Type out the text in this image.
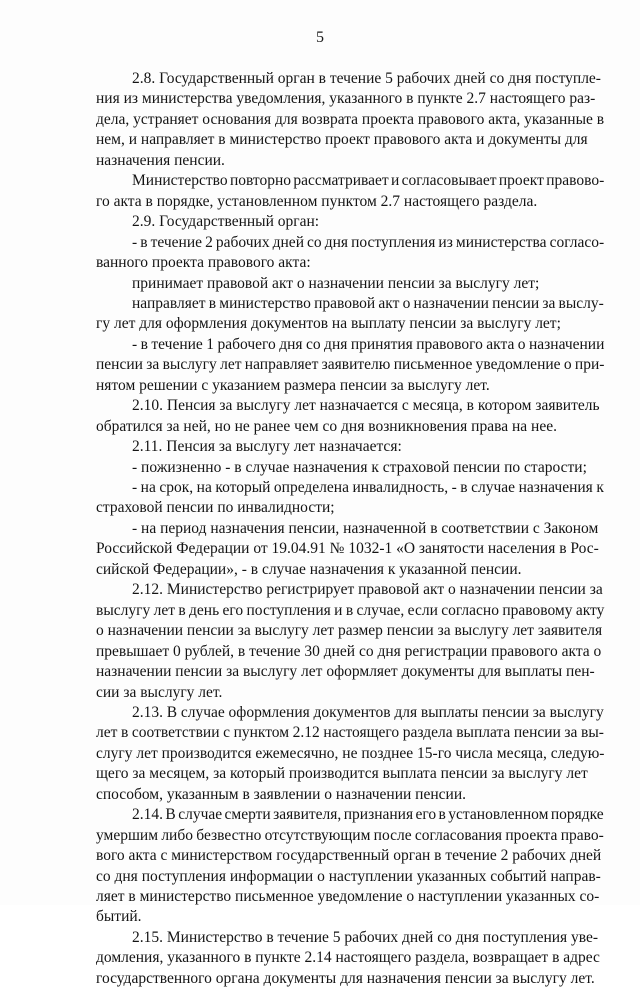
5
2.8. Государственный орган в течение 5 рабочих дней со дня поступле-
ния из министерства уведомления, указанного в пункте 2.7 настоящего раз-
дела, устраняет основания для возврата проекта правового акта, указанные в
нем, и направляет в министерство проект правового акта и документы для
назначения пенсии.
Министерство повторно рассматривает и согласовывает проект правово-
го акта в порядке, установленном пунктом 2.7 настоящего раздела.
2.9. Государственный орган:
- в течение 2 рабочих дней со дня поступления из министерства согласо-
ванного проекта правового акта:
принимает правовой акт о назначении пенсии за выслугу лет;
направляет в министерство правовой акт о назначении пенсии за выслу-
гу лет для оформления документов на выплату пенсии за выслугу лет;
- в течение 1 рабочего дня со дня принятия правового акта о назначении
пенсии за выслугу лет направляет заявителю письменное уведомление о при-
нятом решении с указанием размера пенсии за выслугу лет.
2.10. Пенсия за выслугу лет назначается с месяца, в котором заявитель
обратился за ней, но не ранее чем со дня возникновения права на нее.
2.11. Пенсия за выслугу лет назначается:
- пожизненно - в случае назначения к страховой пенсии по старости;
- на срок, на который определена инвалидность, - в случае назначения к
страховой пенсии по инвалидности;
- на период назначения пенсии, назначенной в соответствии с Законом
Российской Федерации от 19.04.91 № 1032-1 «О занятости населения в Рос-
сийской Федерации», - в случае назначения к указанной пенсии.
2.12. Министерство регистрирует правовой акт о назначении пенсии за
выслугу лет в день его поступления и в случае, если согласно правовому акту
о назначении пенсии за выслугу лет размер пенсии за выслугу лет заявителя
превышает 0 рублей, в течение 30 дней со дня регистрации правового акта о
назначении пенсии за выслугу лет оформляет документы для выплаты пен-
сии за выслугу лет.
2.13. В случае оформления документов для выплаты пенсии за выслугу
лет в соответствии с пунктом 2.12 настоящего раздела выплата пенсии за вы-
слугу лет производится ежемесячно, не позднее 15-го числа месяца, следую-
щего за месяцем, за который производится выплата пенсии за выслугу лет
способом, указанным в заявлении о назначении пенсии.
2.14. В случае смерти заявителя, признания его в установленном порядке
умершим либо безвестно отсутствующим после согласования проекта право-
вого акта с министерством государственный орган в течение 2 рабочих дней
со дня поступления информации о наступлении указанных событий направ-
ляет в министерство письменное уведомление о наступлении указанных со-
бытий.
2.15. Министерство в течение 5 рабочих дней со дня поступления уве-
домления, указанного в пункте 2.14 настоящего раздела, возвращает в адрес
государственного органа документы для назначения пенсии за выслугу лет.
